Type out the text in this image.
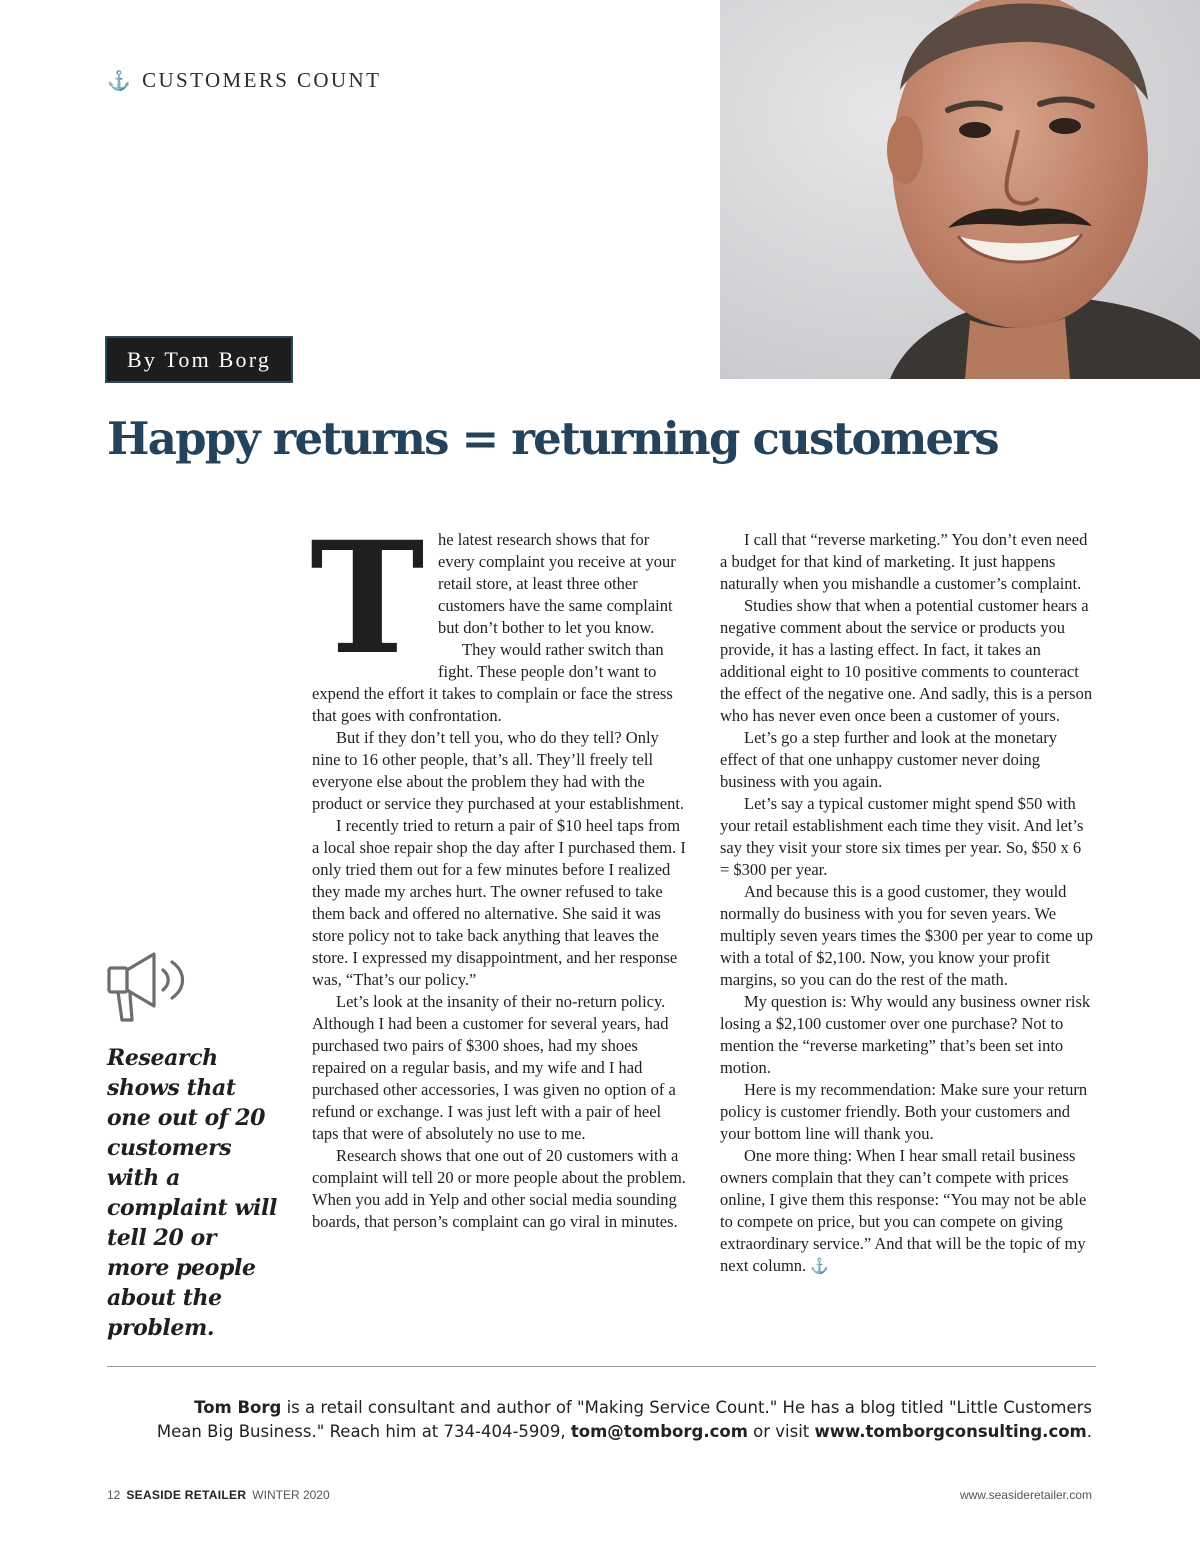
⚓ CUSTOMERS COUNT
By Tom Borg
Happy returns = returning customers

Research shows that one out of 20 customers with a complaint will tell 20 or more people about the problem.

T he latest research shows that for every complaint you receive at your retail store, at least three other customers have the same complaint but don’t bother to let you know.

They would rather switch than fight. These people don’t want to expend the effort it takes to complain or face the stress that goes with confrontation.

But if they don’t tell you, who do they tell? Only nine to 16 other people, that’s all. They’ll freely tell everyone else about the problem they had with the product or service they purchased at your establishment.

I recently tried to return a pair of $10 heel taps from a local shoe repair shop the day after I purchased them. I only tried them out for a few minutes before I realized they made my arches hurt. The owner refused to take them back and offered no alternative. She said it was store policy not to take back anything that leaves the store. I expressed my disappointment, and her response was, “That’s our policy.”

Let’s look at the insanity of their no-return policy. Although I had been a customer for several years, had purchased two pairs of $300 shoes, had my shoes repaired on a regular basis, and my wife and I had purchased other accessories, I was given no option of a refund or exchange. I was just left with a pair of heel taps that were of absolutely no use to me.

Research shows that one out of 20 customers with a complaint will tell 20 or more people about the problem. When you add in Yelp and other social media sounding boards, that person’s complaint can go viral in minutes.

I call that “reverse marketing.” You don’t even need a budget for that kind of marketing. It just happens naturally when you mishandle a customer’s complaint.

Studies show that when a potential customer hears a negative comment about the service or products you provide, it has a lasting effect. In fact, it takes an additional eight to 10 positive comments to counteract the effect of the negative one. And sadly, this is a person who has never even once been a customer of yours.

Let’s go a step further and look at the monetary effect of that one unhappy customer never doing business with you again.

Let’s say a typical customer might spend $50 with your retail establishment each time they visit. And let’s say they visit your store six times per year. So, $50 x 6 = $300 per year.

And because this is a good customer, they would normally do business with you for seven years. We multiply seven years times the $300 per year to come up with a total of $2,100. Now, you know your profit margins, so you can do the rest of the math.

My question is: Why would any business owner risk losing a $2,100 customer over one purchase? Not to mention the “reverse marketing” that’s been set into motion.

Here is my recommendation: Make sure your return policy is customer friendly. Both your customers and your bottom line will thank you.

One more thing: When I hear small retail business owners complain that they can’t compete with prices online, I give them this response: “You may not be able to compete on price, but you can compete on giving extraordinary service.” And that will be the topic of my next column. ⚓

Tom Borg is a retail consultant and author of "Making Service Count." He has a blog titled "Little Customers Mean Big Business." Reach him at 734-404-5909, tom@tomborg.com or visit www.tomborgconsulting.com.

12 SEASIDE RETAILER WINTER 2020	www.seasideretailer.com
